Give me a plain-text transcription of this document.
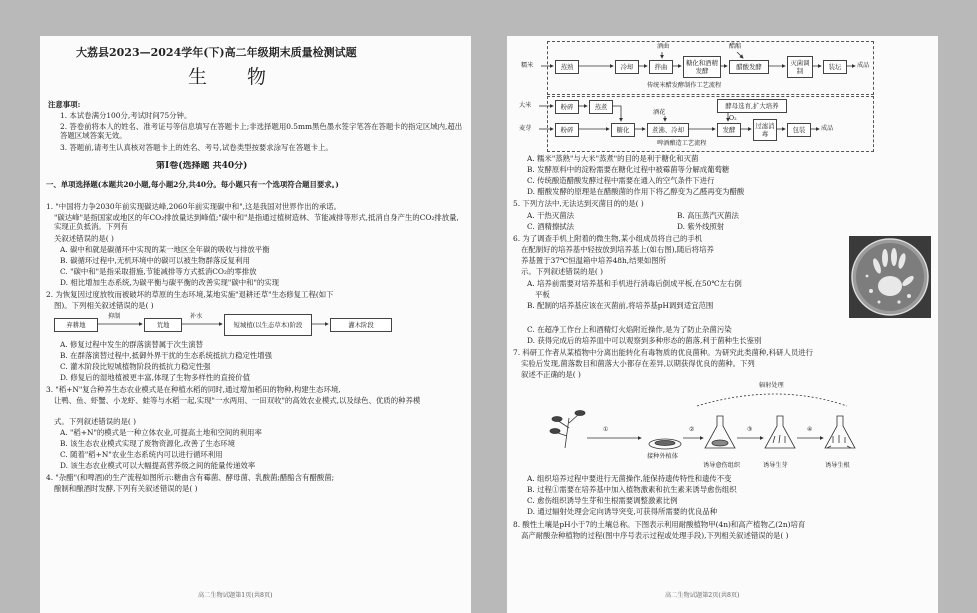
大荔县2023—2024学年(下)高二年级期末质量检测试题
生物
注意事项:
1. 本试卷满分100分,考试时间75分钟。
2. 答卷前将本人的姓名、准考证号等信息填写在答题卡上;非选择题用0.5mm黑色墨水签字笔答在答题卡的指定区域内,超出答题区域答案无效。
3. 答题前,请考生认真核对答题卡上的姓名、考号,试卷类型按要求涂写在答题卡上。
第Ⅰ卷(选择题 共40分)
一、单项选择题(本题共20小题,每小题2分,共40分。每小题只有一个选项符合题目要求。)
1. "中国将力争2030年前实现碳达峰,2060年前实现碳中和",这是我国对世界作出的承诺。
"碳达峰"是指国家或地区的年CO₂排放量达到峰值;"碳中和"是指通过植树造林、节能减排等形式,抵消自身产生的CO₂排放量,实现正负抵消。下列有
关叙述错误的是( )
A. 碳中和就是碳循环中实现的某一地区全年碳的吸收与排放平衡
B. 碳循环过程中,无机环境中的碳可以被生物群落反复利用
C. "碳中和"是指采取措施,节能减排等方式抵消CO₂的零排放
D. 相比增加生态系统,为碳平衡与碳平衡的改善实现"碳中和"的实现
2. 为恢复因过度放牧而被破坏的草原的生态环境,某地实施"退耕还草"生态修复工程(如下
图)。下列相关叙述错误的是( )
弃耕地
抑制
荒地
补水
短城植(以生态草本)阶段	灌木阶段
A. 修复过程中发生的群落演替属于次生演替
B. 在群落演替过程中,抵御外界干扰的生态系统抵抗力稳定性增强
C. 灌木阶段比短城植物阶段的抵抗力稳定性强
D. 修复后的湿地植被更丰富,体现了生物多样性的直接价值
3. "稻+N"复合种养生态农业模式是在种植水稻的同时,通过增加稻田的物种,构建生态环境,
让鸭、鱼、虾蟹、小龙虾、蛙等与水稻一起,实现"一水两用、一田双收"的高效农业模式,以及绿色、优质的种养模
式。下列叙述错误的是( )
A. "稻+N"的模式是一种立体农业,可提高土地和空间的利用率
B. 该生态农业模式实现了废物资源化,改善了生态环境
C. 随着"稻+N"农业生态系统内可以进行循环利用
D. 该生态农业模式可以大幅提高营养级之间的能量传递效率
4. "杂醋"(和啤酒)的生产流程如图所示:糖曲含有霉菌、酵母菌、乳酸菌;醋醅含有醋酸菌;
酿制和酿酒时发酵,下列有关叙述错误的是( )
高二生物试题第1页(共8页)
酒曲	醋醅
糯米	蒸熟	冷却	拌曲	糖化和酒精发酵	醋酸发酵	灭菌调制	装坛	成品
传统米醋发酵制作工艺流程
大米	粉碎	蒸煮
酒花
酵母选育,扩大培养
O₂
麦芽	粉碎	糖化	煮沸、冷却	发酵	过滤消毒	包装	成品
啤酒酿造工艺流程
A. 糯米"蒸熟"与大米"蒸煮"的目的是利于糖化和灭菌
B. 发酵原料中的淀粉需要在糖化过程中被霉菌等分解成葡萄糖
C. 传统酿造醋酸发酵过程中需要在通入的空气条件下进行
D. 醋酸发酵的原理是在醋酸菌的作用下将乙醇变为乙醛再变为醋酸
5. 下列方法中,无法达到灭菌目的的是( )
A. 干热灭菌法	B. 高压蒸汽灭菌法
C. 酒精擦拭法	D. 紫外线照射
6. 为了调查手机上附着的微生物,某小组成员将自己的手机
在配制好的培养基中轻按放到培养基上(如右图),随后将培养
养基置于37℃恒温箱中培养48h,结果如图所
示。下列叙述错误的是( )
A. 培养前需要对培养基和手机进行消毒后倒成平板,在50℃左右倒
平板
B. 配制的培养基应该在灭菌前,将培养基pH调到适宜范围
C. 在超净工作台上和酒精灯火焰附近操作,是为了防止杂菌污染
D. 获得完成后的培养皿中可以观察到多种形态的菌落,利于菌种生长鉴别
7. 科研工作者从某植物中分离出能转化有毒物质的优良菌种。为研究此类菌种,科研人员进行
实验后发现,菌落数目和菌落大小都存在差异,以期获得优良的菌种。下列
叙述不正确的是( )
辐射处理
①	②	③	④
接种外植体
诱导愈伤组织	诱导生芽	诱导生根
A. 组织培养过程中要进行无菌操作,能保持遗传特性和遗传不变
B. 过程①需要在培养基中加入植物激素和抗生素来诱导愈伤组织
C. 愈伤组织诱导生芽和生根需要调整激素比例
D. 通过辐射处理会定向诱导突变,可获得所需要的优良品种
8. 酸性土壤是pH小于7的土壤总称。下图表示利用耐酸植物甲(4n)和高产植物乙(2n)培育
高产耐酸杂种植物的过程(图中序号表示过程或处理手段),下列相关叙述错误的是( )
高二生物试题第2页(共8页)
